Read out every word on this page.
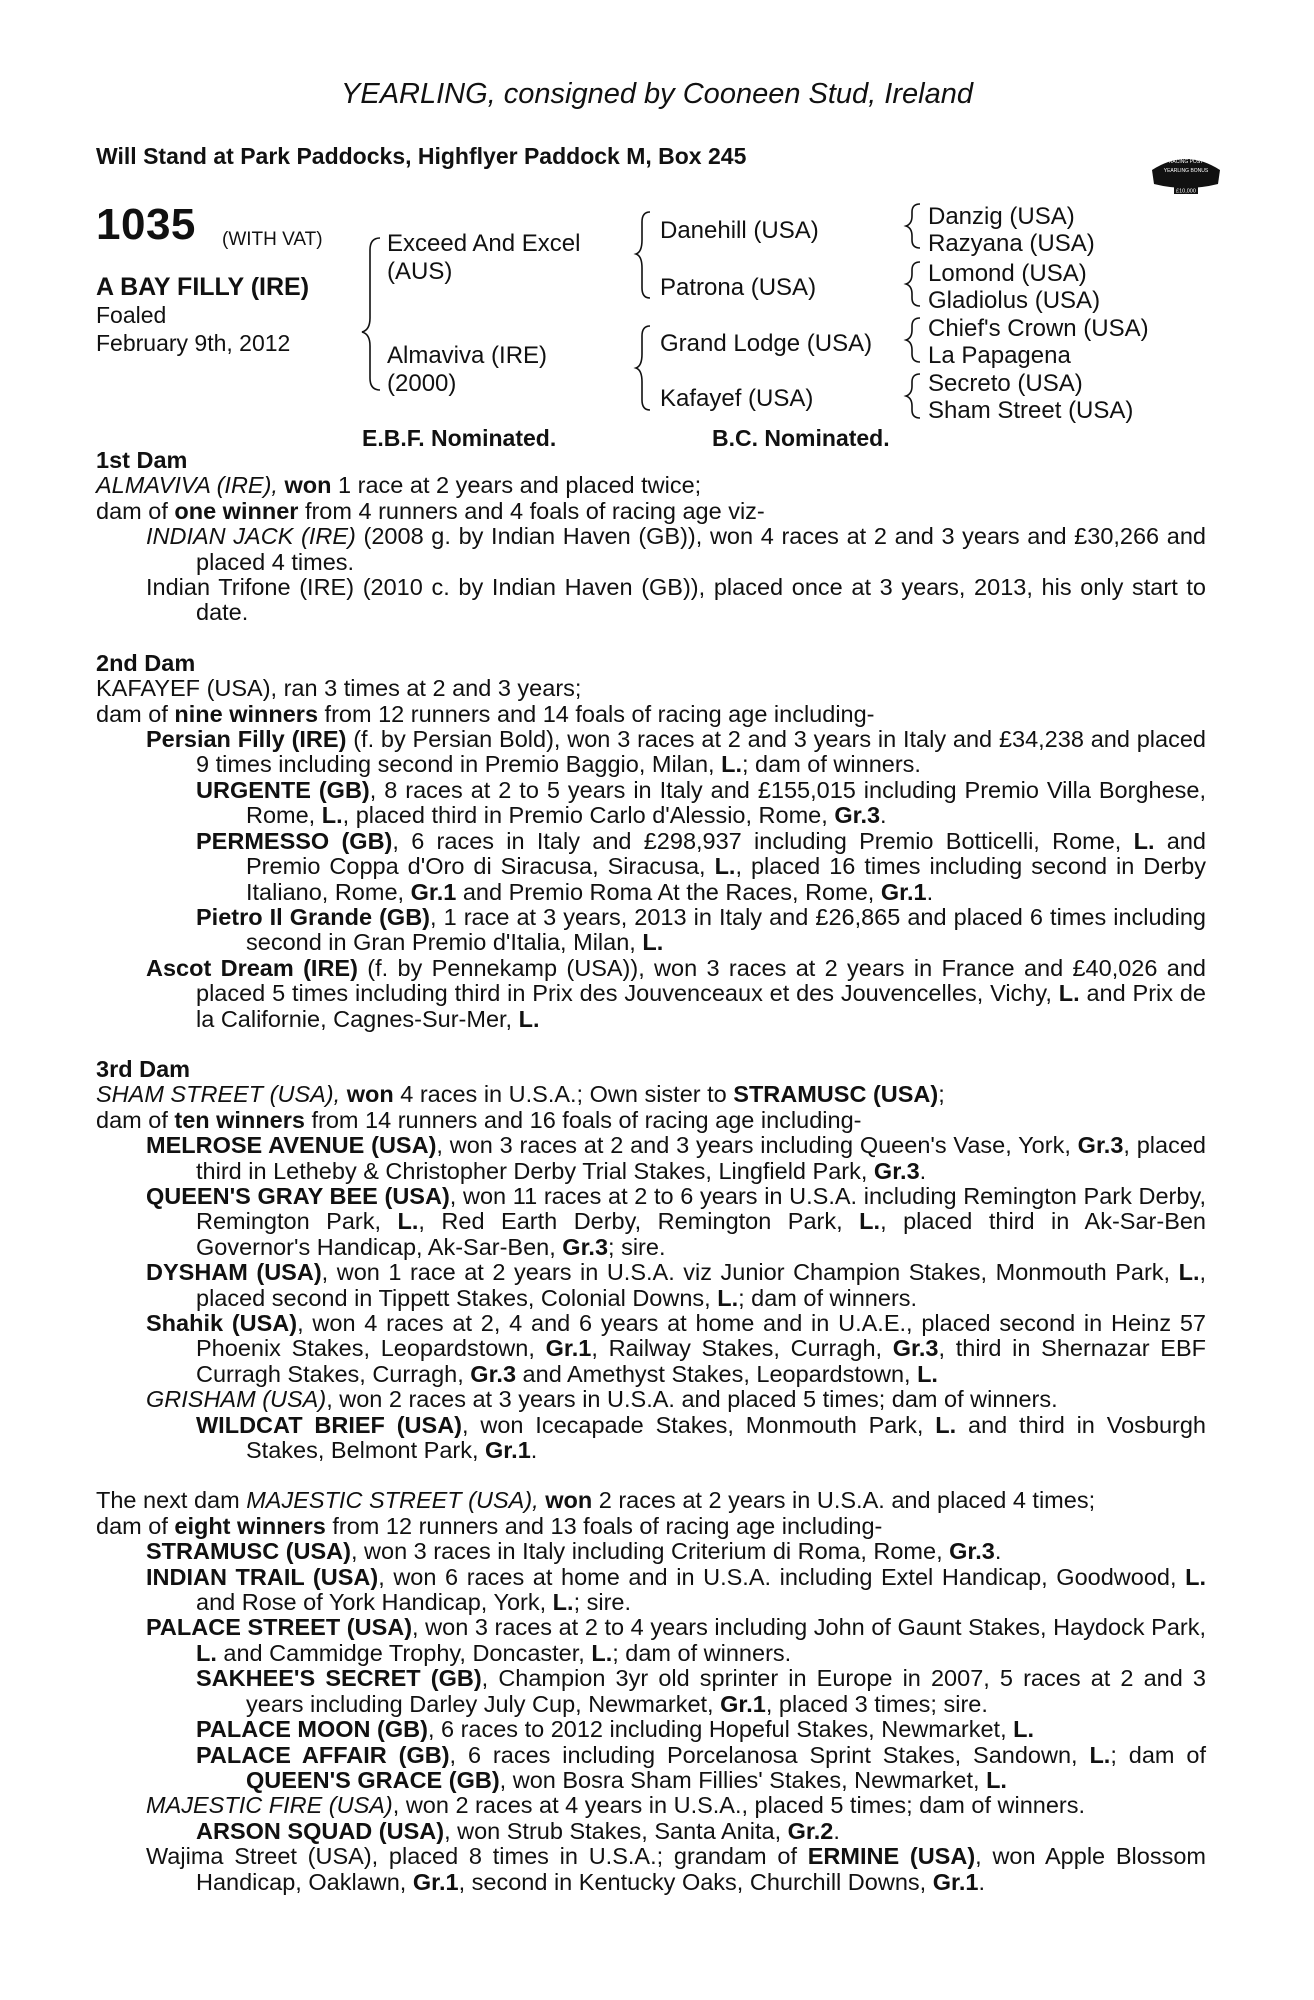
YEARLING, consigned by Cooneen Stud, Ireland
Will Stand at Park Paddocks, Highflyer Paddock M, Box 245	RACING POST
YEARLING BONUS
£10,000
1035 (WITH VAT)
A BAY FILLY (IRE)
Foaled
February 9th, 2012
Exceed And Excel
(AUS)
Almaviva (IRE)
(2000)
Danehill (USA)
Patrona (USA)
Grand Lodge (USA)
Kafayef (USA)
Danzig (USA)
Razyana (USA)
Lomond (USA)
Gladiolus (USA)
Chief's Crown (USA)
La Papagena
Secreto (USA)
Sham Street (USA)
E.B.F. Nominated.	B.C. Nominated.

1st Dam

ALMAVIVA (IRE), won 1 race at 2 years and placed twice;

dam of one winner from 4 runners and 4 foals of racing age viz-

INDIAN JACK (IRE) (2008 g. by Indian Haven (GB)), won 4 races at 2 and 3 years and £30,266 and placed 4 times.

Indian Trifone (IRE) (2010 c. by Indian Haven (GB)), placed once at 3 years, 2013, his only start to date.

2nd Dam

KAFAYEF (USA), ran 3 times at 2 and 3 years;

dam of nine winners from 12 runners and 14 foals of racing age including-

Persian Filly (IRE) (f. by Persian Bold), won 3 races at 2 and 3 years in Italy and £34,238 and placed 9 times including second in Premio Baggio, Milan, L.; dam of winners.

URGENTE (GB), 8 races at 2 to 5 years in Italy and £155,015 including Premio Villa Borghese, Rome, L., placed third in Premio Carlo d'Alessio, Rome, Gr.3.

PERMESSO (GB), 6 races in Italy and £298,937 including Premio Botticelli, Rome, L. and Premio Coppa d'Oro di Siracusa, Siracusa, L., placed 16 times including second in Derby Italiano, Rome, Gr.1 and Premio Roma At the Races, Rome, Gr.1.

Pietro Il Grande (GB), 1 race at 3 years, 2013 in Italy and £26,865 and placed 6 times including second in Gran Premio d'Italia, Milan, L.

Ascot Dream (IRE) (f. by Pennekamp (USA)), won 3 races at 2 years in France and £40,026 and placed 5 times including third in Prix des Jouvenceaux et des Jouvencelles, Vichy, L. and Prix de la Californie, Cagnes-Sur-Mer, L.

3rd Dam

SHAM STREET (USA), won 4 races in U.S.A.; Own sister to STRAMUSC (USA);

dam of ten winners from 14 runners and 16 foals of racing age including-

MELROSE AVENUE (USA), won 3 races at 2 and 3 years including Queen's Vase, York, Gr.3, placed third in Letheby & Christopher Derby Trial Stakes, Lingfield Park, Gr.3.

QUEEN'S GRAY BEE (USA), won 11 races at 2 to 6 years in U.S.A. including Remington Park Derby, Remington Park, L., Red Earth Derby, Remington Park, L., placed third in Ak-Sar-Ben Governor's Handicap, Ak-Sar-Ben, Gr.3; sire.

DYSHAM (USA), won 1 race at 2 years in U.S.A. viz Junior Champion Stakes, Monmouth Park, L., placed second in Tippett Stakes, Colonial Downs, L.; dam of winners.

Shahik (USA), won 4 races at 2, 4 and 6 years at home and in U.A.E., placed second in Heinz 57 Phoenix Stakes, Leopardstown, Gr.1, Railway Stakes, Curragh, Gr.3, third in Shernazar EBF Curragh Stakes, Curragh, Gr.3 and Amethyst Stakes, Leopardstown, L.

GRISHAM (USA), won 2 races at 3 years in U.S.A. and placed 5 times; dam of winners.

WILDCAT BRIEF (USA), won Icecapade Stakes, Monmouth Park, L. and third in Vosburgh Stakes, Belmont Park, Gr.1.

The next dam MAJESTIC STREET (USA), won 2 races at 2 years in U.S.A. and placed 4 times;

dam of eight winners from 12 runners and 13 foals of racing age including-

STRAMUSC (USA), won 3 races in Italy including Criterium di Roma, Rome, Gr.3.

INDIAN TRAIL (USA), won 6 races at home and in U.S.A. including Extel Handicap, Goodwood, L. and Rose of York Handicap, York, L.; sire.

PALACE STREET (USA), won 3 races at 2 to 4 years including John of Gaunt Stakes, Haydock Park, L. and Cammidge Trophy, Doncaster, L.; dam of winners.

SAKHEE'S SECRET (GB), Champion 3yr old sprinter in Europe in 2007, 5 races at 2 and 3 years including Darley July Cup, Newmarket, Gr.1, placed 3 times; sire.

PALACE MOON (GB), 6 races to 2012 including Hopeful Stakes, Newmarket, L.

PALACE AFFAIR (GB), 6 races including Porcelanosa Sprint Stakes, Sandown, L.; dam of QUEEN'S GRACE (GB), won Bosra Sham Fillies' Stakes, Newmarket, L.

MAJESTIC FIRE (USA), won 2 races at 4 years in U.S.A., placed 5 times; dam of winners.

ARSON SQUAD (USA), won Strub Stakes, Santa Anita, Gr.2.

Wajima Street (USA), placed 8 times in U.S.A.; grandam of ERMINE (USA), won Apple Blossom Handicap, Oaklawn, Gr.1, second in Kentucky Oaks, Churchill Downs, Gr.1.
